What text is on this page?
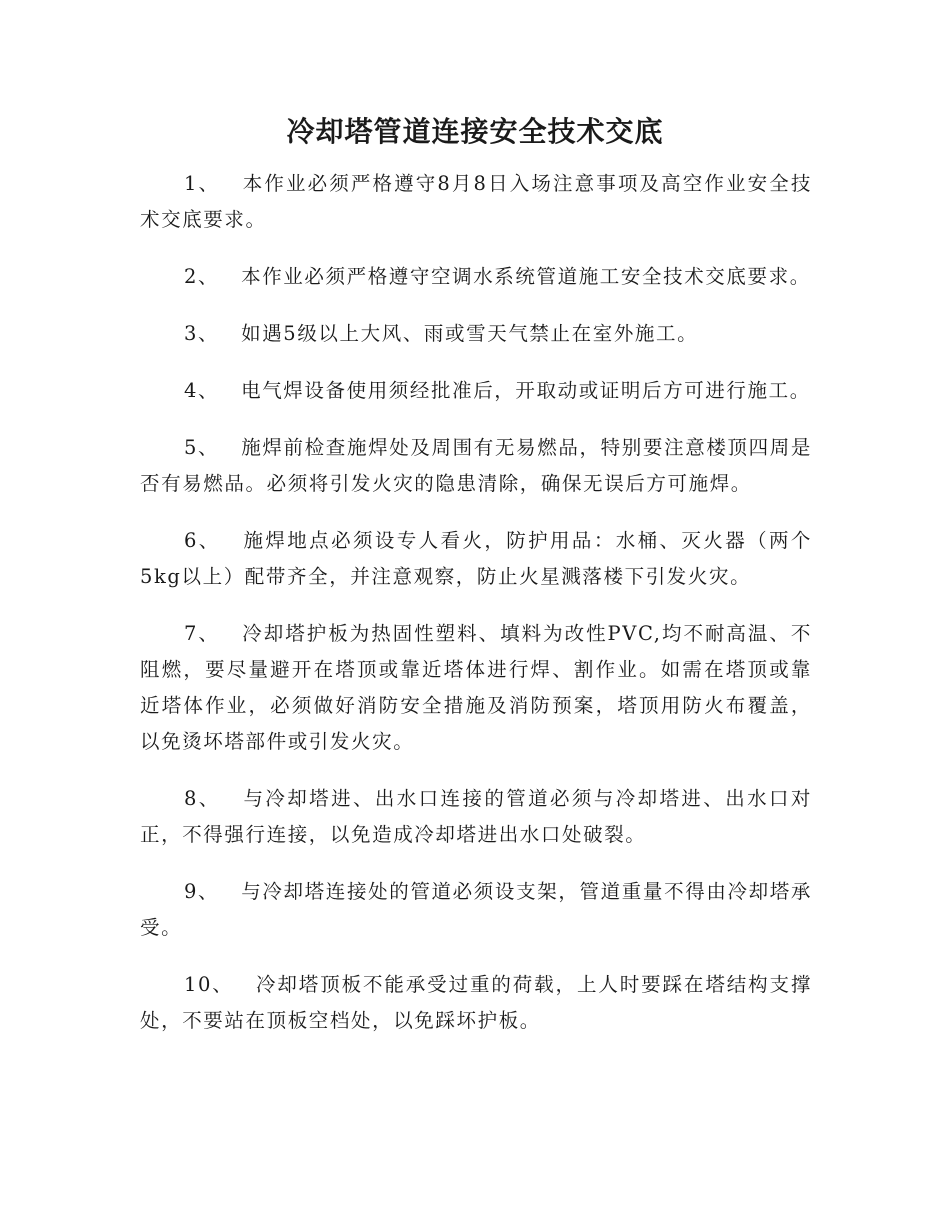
冷却塔管道连接安全技术交底
1、 本作业必须严格遵守8月8日入场注意事项及高空作业安全技术交底要求。
2、 本作业必须严格遵守空调水系统管道施工安全技术交底要求。
3、 如遇5级以上大风、雨或雪天气禁止在室外施工。
4、 电气焊设备使用须经批准后，开取动或证明后方可进行施工。
5、 施焊前检查施焊处及周围有无易燃品，特别要注意楼顶四周是否有易燃品。必须将引发火灾的隐患清除，确保无误后方可施焊。
6、 施焊地点必须设专人看火，防护用品：水桶、灭火器（两个5kg以上）配带齐全，并注意观察，防止火星溅落楼下引发火灾。
7、 冷却塔护板为热固性塑料、填料为改性PVC,均不耐高温、不阻燃，要尽量避开在塔顶或靠近塔体进行焊、割作业。如需在塔顶或靠近塔体作业，必须做好消防安全措施及消防预案，塔顶用防火布覆盖，以免烫坏塔部件或引发火灾。
8、 与冷却塔进、出水口连接的管道必须与冷却塔进、出水口对正，不得强行连接，以免造成冷却塔进出水口处破裂。
9、 与冷却塔连接处的管道必须设支架，管道重量不得由冷却塔承受。
10、 冷却塔顶板不能承受过重的荷载，上人时要踩在塔结构支撑处，不要站在顶板空档处，以免踩坏护板。
